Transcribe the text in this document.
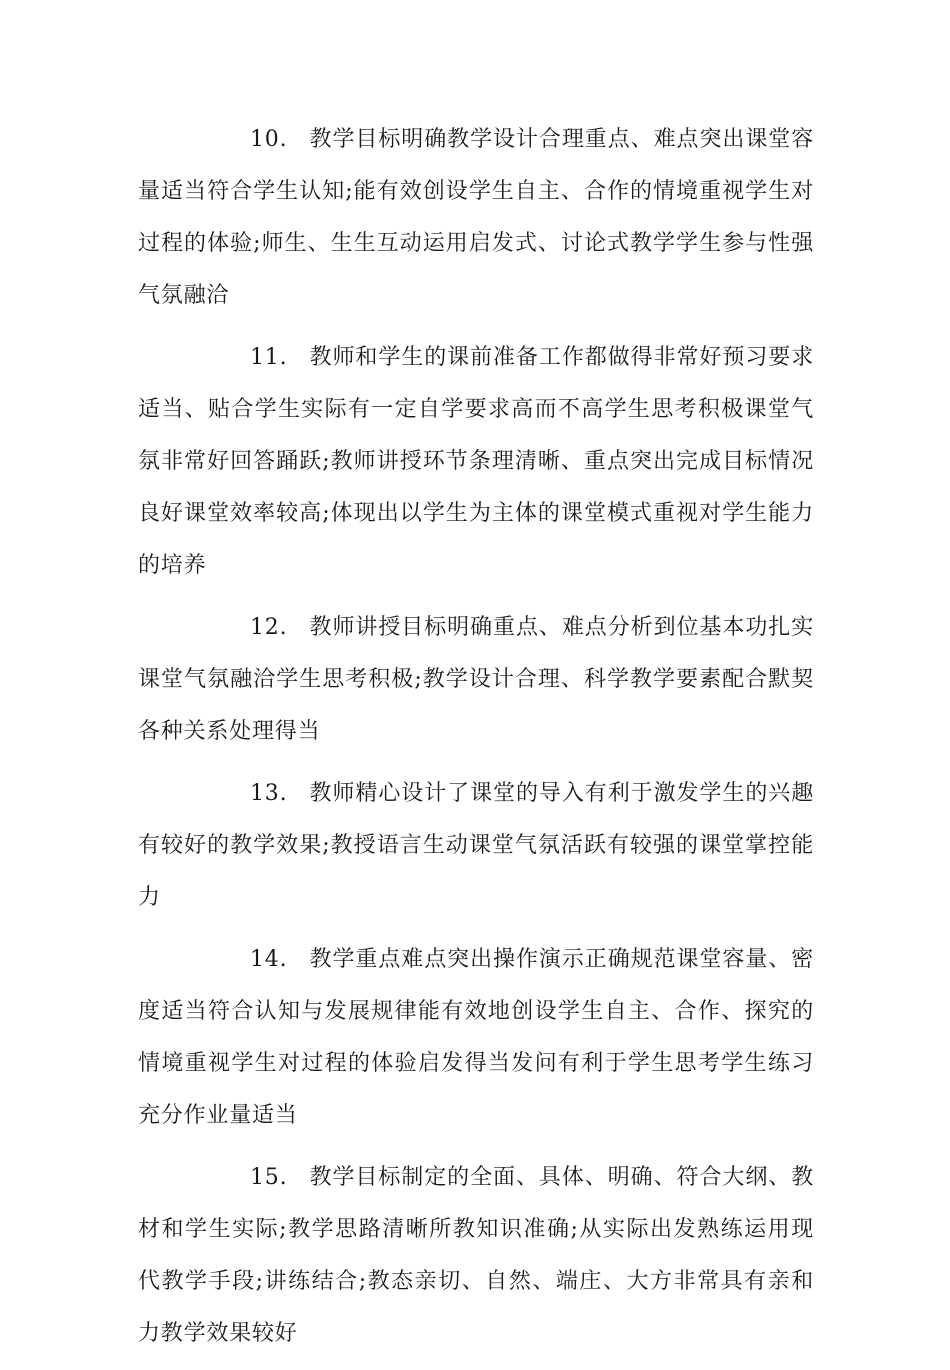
10. 教学目标明确教学设计合理重点、难点突出课堂容量适当符合学生认知;能有效创设学生自主、合作的情境重视学生对过程的体验;师生、生生互动运用启发式、讨论式教学学生参与性强气氛融洽

11. 教师和学生的课前准备工作都做得非常好预习要求适当、贴合学生实际有一定自学要求高而不高学生思考积极课堂气氛非常好回答踊跃;教师讲授环节条理清晰、重点突出完成目标情况良好课堂效率较高;体现出以学生为主体的课堂模式重视对学生能力的培养

12. 教师讲授目标明确重点、难点分析到位基本功扎实课堂气氛融洽学生思考积极;教学设计合理、科学教学要素配合默契各种关系处理得当

13. 教师精心设计了课堂的导入有利于激发学生的兴趣有较好的教学效果;教授语言生动课堂气氛活跃有较强的课堂掌控能力

14. 教学重点难点突出操作演示正确规范课堂容量、密度适当符合认知与发展规律能有效地创设学生自主、合作、探究的情境重视学生对过程的体验启发得当发问有利于学生思考学生练习充分作业量适当

15. 教学目标制定的全面、具体、明确、符合大纲、教材和学生实际;教学思路清晰所教知识准确;从实际出发熟练运用现代教学手段;讲练结合;教态亲切、自然、端庄、大方非常具有亲和力教学效果较好
